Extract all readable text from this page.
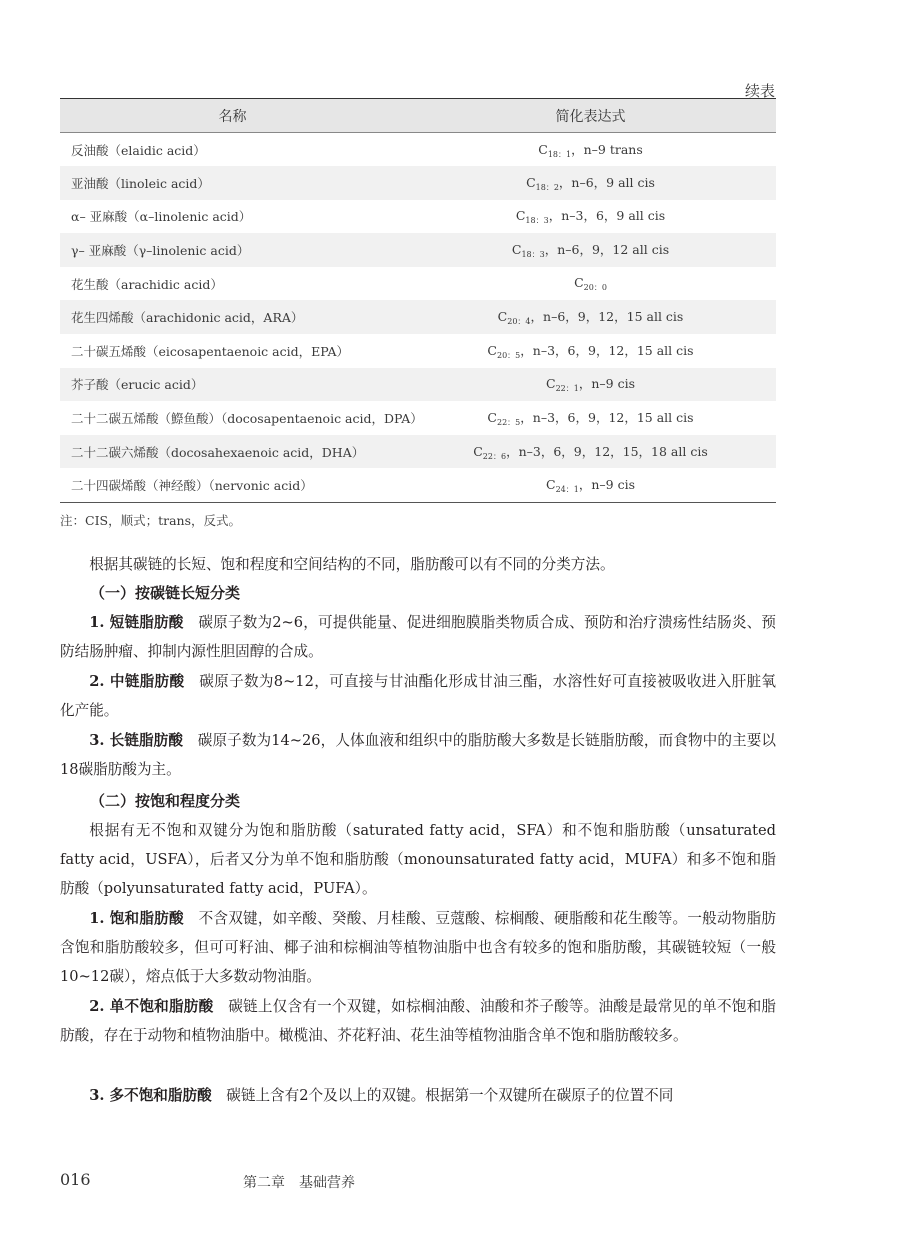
续表
名称	简化表达式
反油酸（elaidic acid）	$C_{18:1}$，n–9 trans
亚油酸（linoleic acid）	$C_{18:2}$，n–6，9 all cis
α– 亚麻酸（α–linolenic acid）	$C_{18:3}$，n–3，6，9 all cis
γ– 亚麻酸（γ–linolenic acid）	$C_{18:3}$，n–6，9，12 all cis
花生酸（arachidic acid）	$C_{20:0}$
花生四烯酸（arachidonic acid，ARA）	$C_{20:4}$，n–6，9，12，15 all cis
二十碳五烯酸（eicosapentaenoic acid，EPA）	$C_{20:5}$，n–3，6，9，12，15 all cis
芥子酸（erucic acid）	$C_{22:1}$，n–9 cis
二十二碳五烯酸（鰶鱼酸）（docosapentaenoic acid，DPA）	$C_{22:5}$，n–3，6，9，12，15 all cis
二十二碳六烯酸（docosahexaenoic acid，DHA）	$C_{22:6}$，n–3，6，9，12，15，18 all cis
二十四碳烯酸（神经酸）（nervonic acid）	$C_{24:1}$，n–9 cis
注：CIS，顺式；trans，反式。

根据其碳链的长短、饱和程度和空间结构的不同，脂肪酸可以有不同的分类方法。

（一）按碳链长短分类

1. 短链脂肪酸　碳原子数为2~6，可提供能量、促进细胞膜脂类物质合成、预防和治疗溃疡性结肠炎、预防结肠肿瘤、抑制内源性胆固醇的合成。

2. 中链脂肪酸　碳原子数为8~12，可直接与甘油酯化形成甘油三酯，水溶性好可直接被吸收进入肝脏氧化产能。

3. 长链脂肪酸　碳原子数为14~26，人体血液和组织中的脂肪酸大多数是长链脂肪酸，而食物中的主要以18碳脂肪酸为主。

（二）按饱和程度分类

根据有无不饱和双键分为饱和脂肪酸（saturated fatty acid，SFA）和不饱和脂肪酸（unsaturated fatty acid，USFA），后者又分为单不饱和脂肪酸（monounsaturated fatty acid，MUFA）和多不饱和脂肪酸（polyunsaturated fatty acid，PUFA）。

1. 饱和脂肪酸　不含双键，如辛酸、癸酸、月桂酸、豆蔻酸、棕榈酸、硬脂酸和花生酸等。一般动物脂肪含饱和脂肪酸较多，但可可籽油、椰子油和棕榈油等植物油脂中也含有较多的饱和脂肪酸，其碳链较短（一般10~12碳），熔点低于大多数动物油脂。

2. 单不饱和脂肪酸　碳链上仅含有一个双键，如棕榈油酸、油酸和芥子酸等。油酸是最常见的单不饱和脂肪酸，存在于动物和植物油脂中。橄榄油、芥花籽油、花生油等植物油脂含单不饱和脂肪酸较多。

3. 多不饱和脂肪酸　碳链上含有2个及以上的双键。根据第一个双键所在碳原子的位置不同

016	第二章　基础营养
